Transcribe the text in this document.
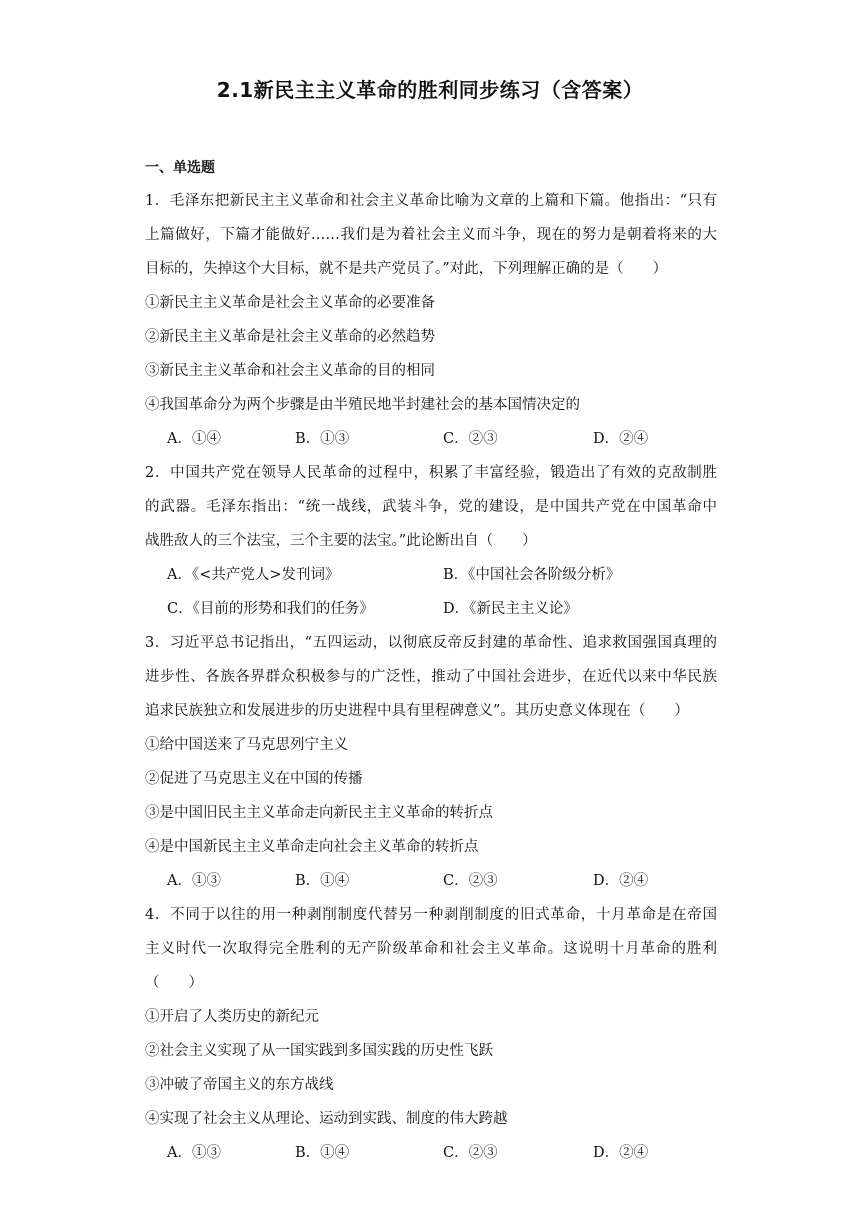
2.1新民主主义革命的胜利同步练习（含答案）
一、单选题
1．毛泽东把新民主主义革命和社会主义革命比喻为文章的上篇和下篇。他指出：“只有
上篇做好，下篇才能做好……我们是为着社会主义而斗争，现在的努力是朝着将来的大
目标的，失掉这个大目标，就不是共产党员了。”对此，下列理解正确的是（　　）
①新民主主义革命是社会主义革命的必要准备
②新民主主义革命是社会主义革命的必然趋势
③新民主主义革命和社会主义革命的目的相同
④我国革命分为两个步骤是由半殖民地半封建社会的基本国情决定的
A．①④	B．①③	C．②③	D．②④
2．中国共产党在领导人民革命的过程中，积累了丰富经验，锻造出了有效的克敌制胜
的武器。毛泽东指出：“统一战线，武装斗争，党的建设，是中国共产党在中国革命中
战胜敌人的三个法宝，三个主要的法宝。”此论断出自（　　）
A．《<共产党人>发刊词》	B．《中国社会各阶级分析》
C．《目前的形势和我们的任务》	D．《新民主主义论》
3．习近平总书记指出，“五四运动，以彻底反帝反封建的革命性、追求救国强国真理的
进步性、各族各界群众积极参与的广泛性，推动了中国社会进步，在近代以来中华民族
追求民族独立和发展进步的历史进程中具有里程碑意义”。其历史意义体现在（　　）
①给中国送来了马克思列宁主义
②促进了马克思主义在中国的传播
③是中国旧民主主义革命走向新民主主义革命的转折点
④是中国新民主主义革命走向社会主义革命的转折点
A．①③	B．①④	C．②③	D．②④
4．不同于以往的用一种剥削制度代替另一种剥削制度的旧式革命，十月革命是在帝国
主义时代一次取得完全胜利的无产阶级革命和社会主义革命。这说明十月革命的胜利
（　　）
①开启了人类历史的新纪元
②社会主义实现了从一国实践到多国实践的历史性飞跃
③冲破了帝国主义的东方战线
④实现了社会主义从理论、运动到实践、制度的伟大跨越
A．①③	B．①④	C．②③	D．②④
